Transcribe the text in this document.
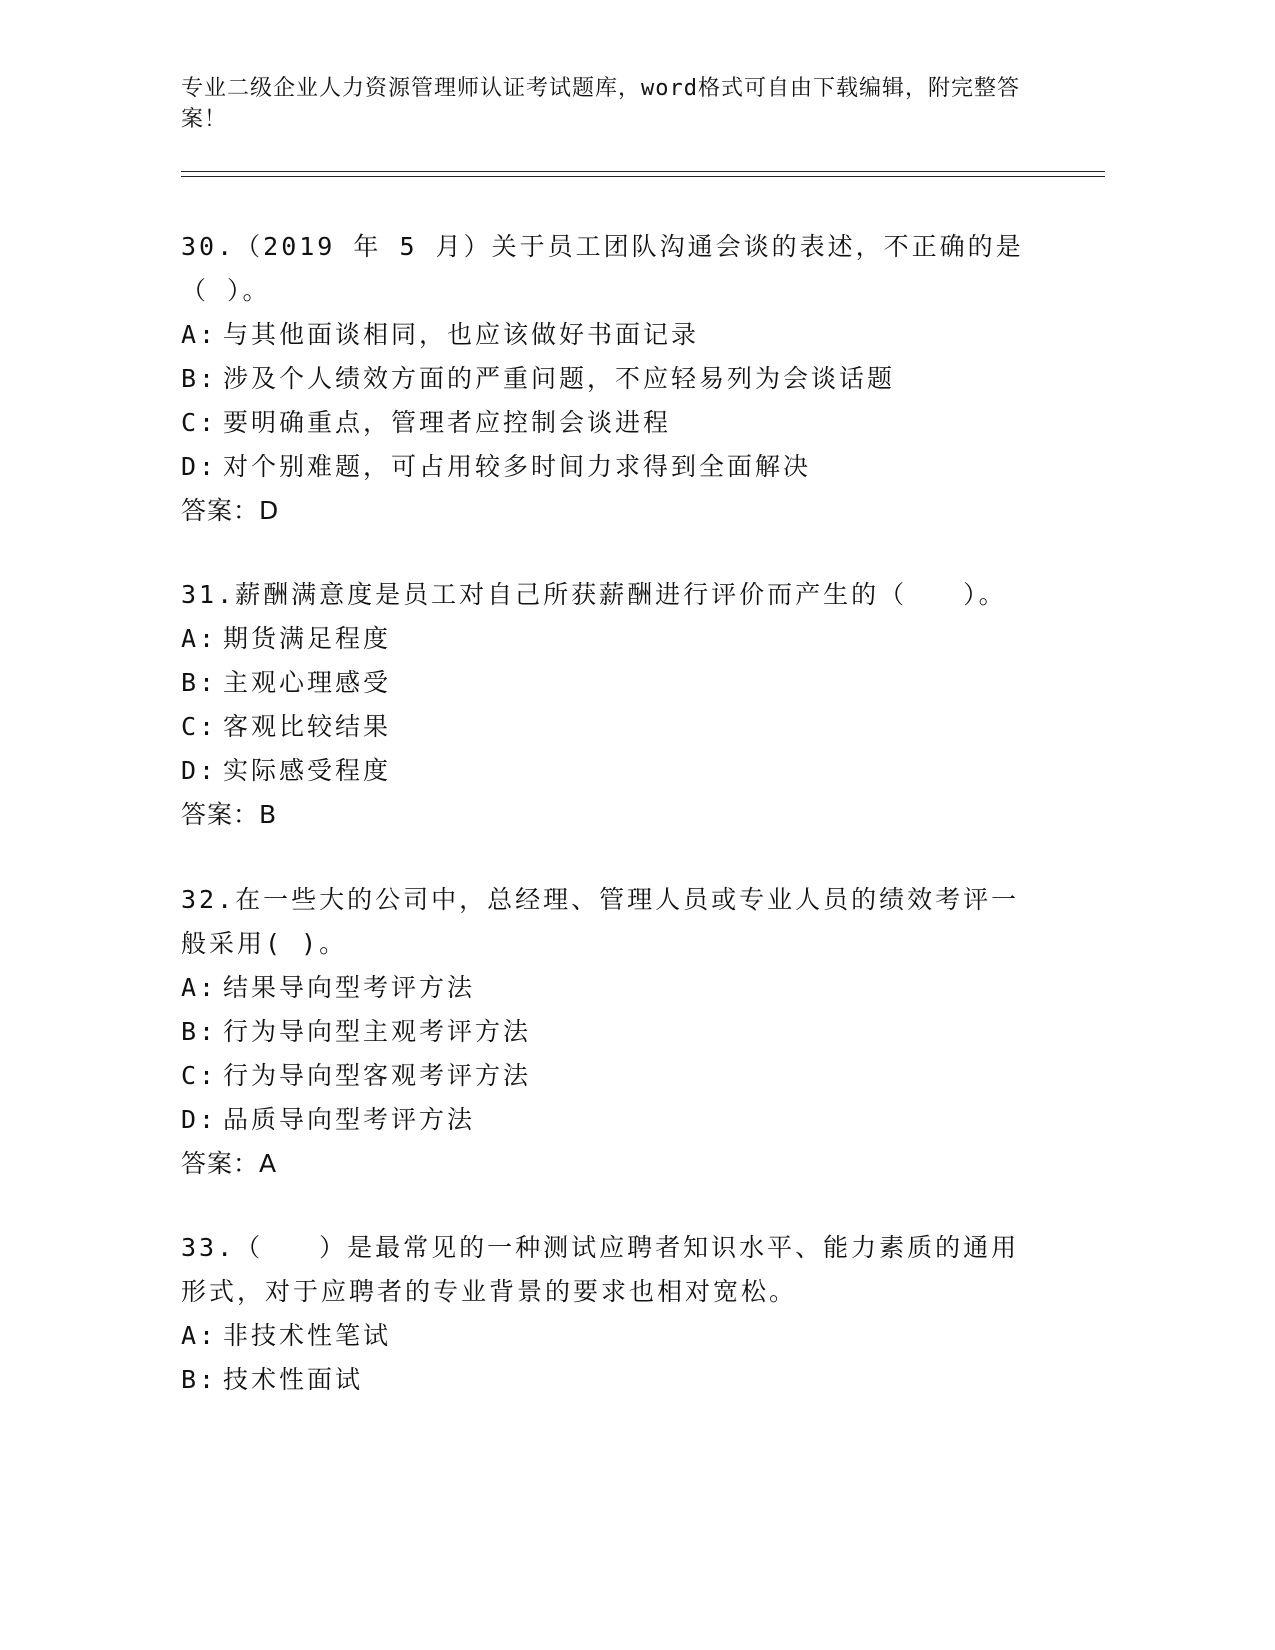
专业二级企业人力资源管理师认证考试题库，word格式可自由下载编辑，附完整答案！
30.（2019 年 5 月）关于员工团队沟通会谈的表述，不正确的是（ ）。
A: 与其他面谈相同，也应该做好书面记录
B: 涉及个人绩效方面的严重问题，不应轻易列为会谈话题
C: 要明确重点，管理者应控制会谈进程
D: 对个别难题，可占用较多时间力求得到全面解决
答案：D
31.薪酬满意度是员工对自己所获薪酬进行评价而产生的（　　）。
A: 期货满足程度
B: 主观心理感受
C: 客观比较结果
D: 实际感受程度
答案：B
32.在一些大的公司中，总经理、管理人员或专业人员的绩效考评一般采用( )。
A: 结果导向型考评方法
B: 行为导向型主观考评方法
C: 行为导向型客观考评方法
D: 品质导向型考评方法
答案：A
33.（　　）是最常见的一种测试应聘者知识水平、能力素质的通用形式，对于应聘者的专业背景的要求也相对宽松。
A: 非技术性笔试
B: 技术性面试
